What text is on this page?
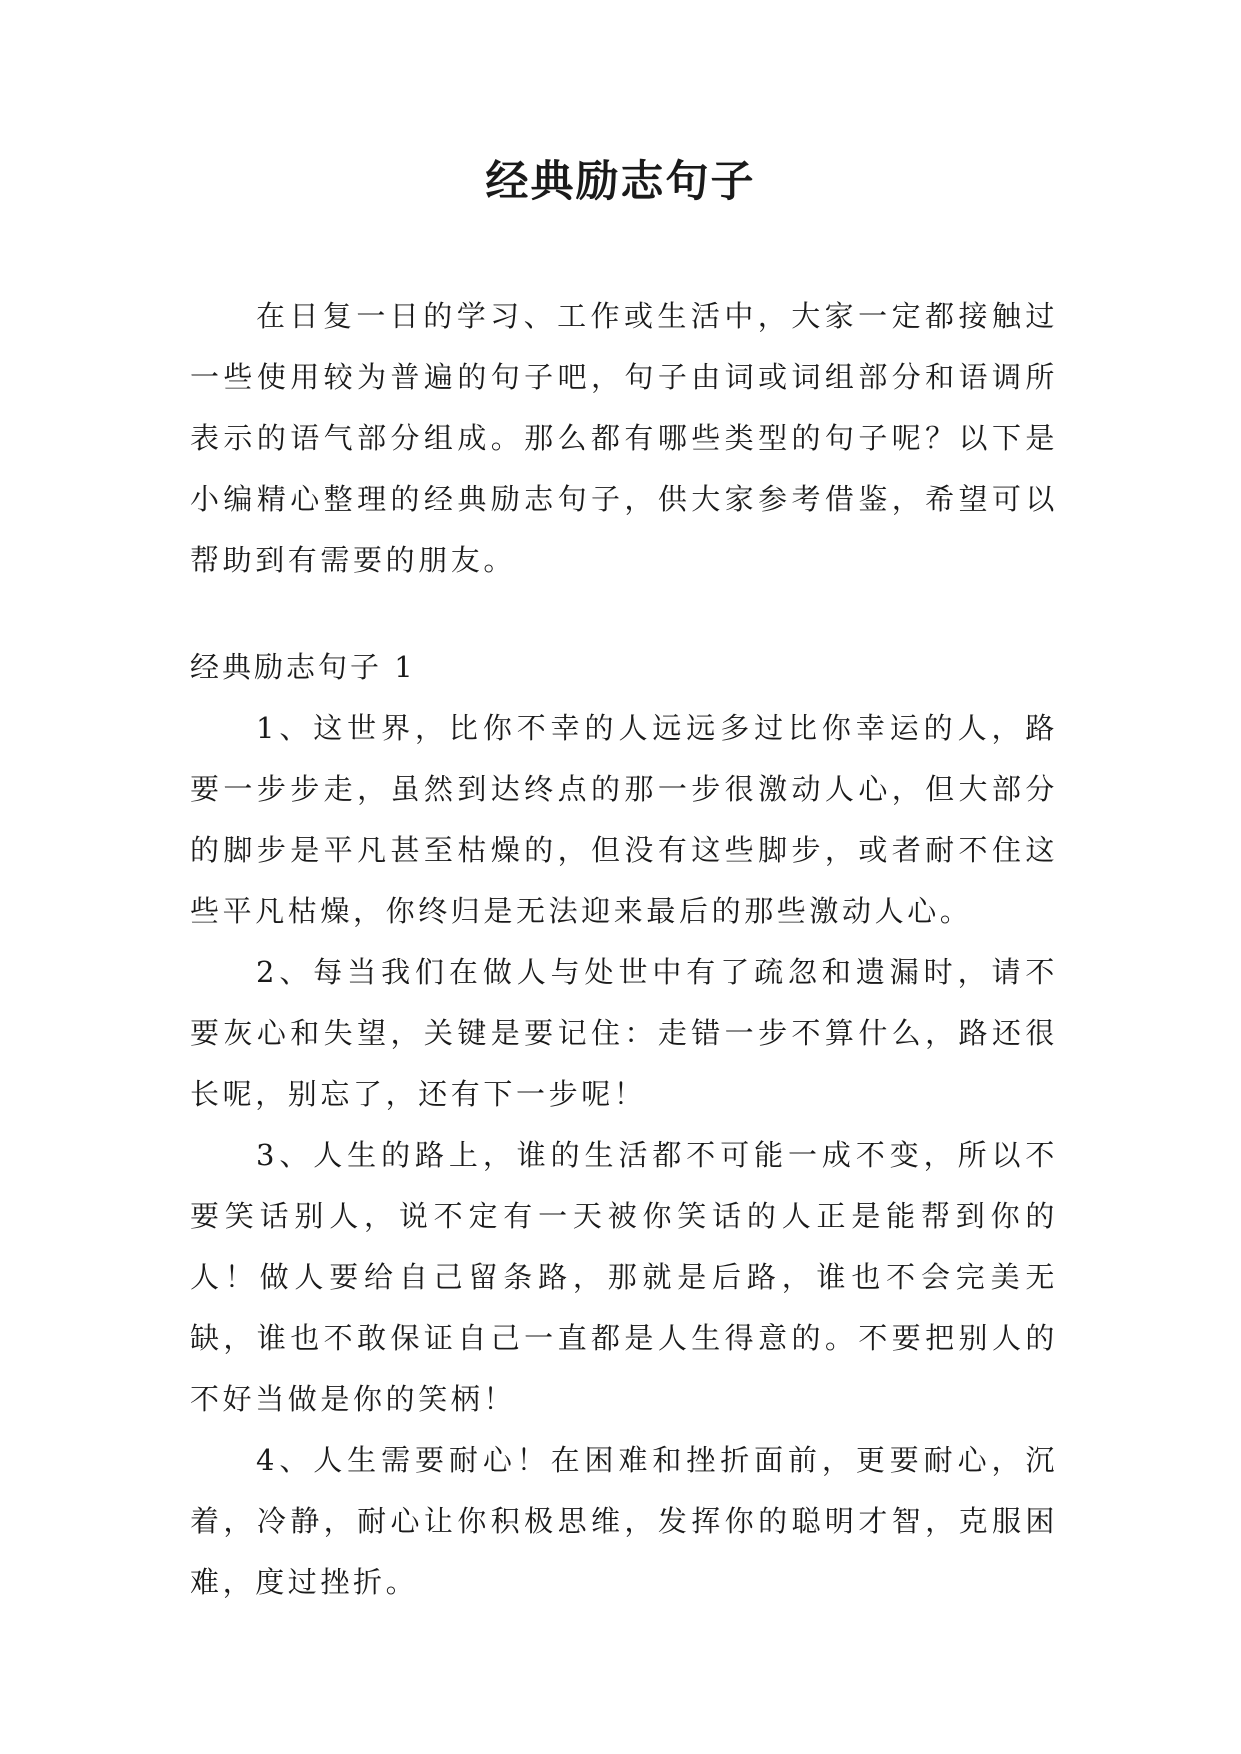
经典励志句子

在日复一日的学习、工作或生活中，大家一定都接触过一些使用较为普遍的句子吧，句子由词或词组部分和语调所表示的语气部分组成。那么都有哪些类型的句子呢？以下是小编精心整理的经典励志句子，供大家参考借鉴，希望可以帮助到有需要的朋友。

经典励志句子 1

1、这世界，比你不幸的人远远多过比你幸运的人，路要一步步走，虽然到达终点的那一步很激动人心，但大部分的脚步是平凡甚至枯燥的，但没有这些脚步，或者耐不住这些平凡枯燥，你终归是无法迎来最后的那些激动人心。

2、每当我们在做人与处世中有了疏忽和遗漏时，请不要灰心和失望，关键是要记住：走错一步不算什么，路还很长呢，别忘了，还有下一步呢！

3、人生的路上，谁的生活都不可能一成不变，所以不要笑话别人，说不定有一天被你笑话的人正是能帮到你的人！做人要给自己留条路，那就是后路，谁也不会完美无缺，谁也不敢保证自己一直都是人生得意的。不要把别人的不好当做是你的笑柄！

4、人生需要耐心！在困难和挫折面前，更要耐心，沉着，冷静，耐心让你积极思维，发挥你的聪明才智，克服困难，度过挫折。
